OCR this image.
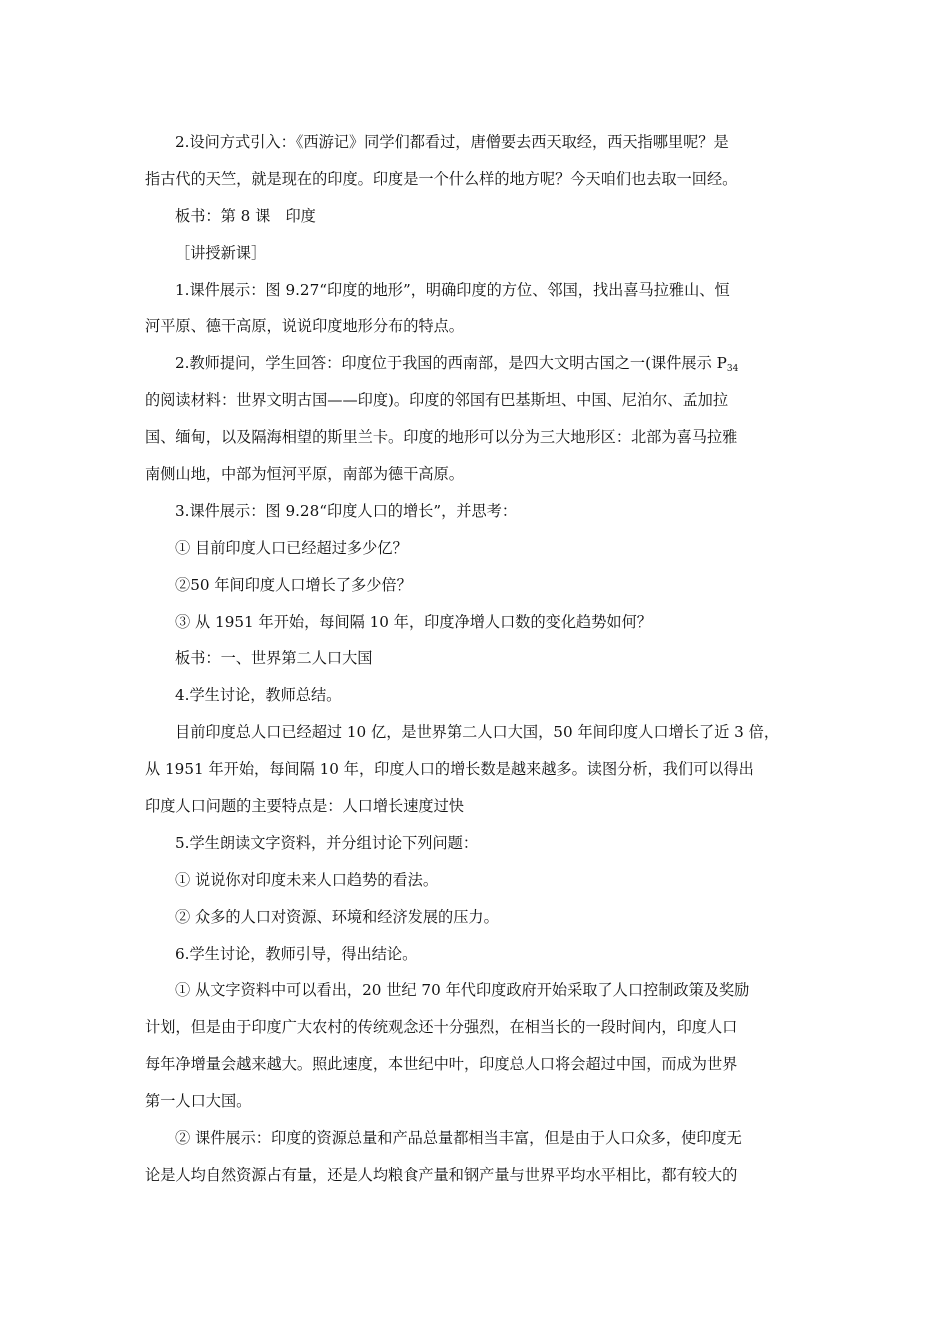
2.设问方式引入：《西游记》同学们都看过，唐僧要去西天取经，西天指哪里呢？是
指古代的天竺，就是现在的印度。印度是一个什么样的地方呢？今天咱们也去取一回经。
板书：第 8 课　印度
［讲授新课］
1.课件展示：图 9.27“印度的地形”，明确印度的方位、邻国，找出喜马拉雅山、恒
河平原、德干高原，说说印度地形分布的特点。
2.教师提问，学生回答：印度位于我国的西南部，是四大文明古国之一(课件展示 $P_{34}$
的阅读材料：世界文明古国——印度)。印度的邻国有巴基斯坦、中国、尼泊尔、孟加拉
国、缅甸，以及隔海相望的斯里兰卡。印度的地形可以分为三大地形区：北部为喜马拉雅
南侧山地，中部为恒河平原，南部为德干高原。
3.课件展示：图 9.28“印度人口的增长”，并思考：
① 目前印度人口已经超过多少亿？
②50 年间印度人口增长了多少倍？
③ 从 1951 年开始，每间隔 10 年，印度净增人口数的变化趋势如何？
板书：一、世界第二人口大国
4.学生讨论，教师总结。
目前印度总人口已经超过 10 亿，是世界第二人口大国，50 年间印度人口增长了近 3 倍，
从 1951 年开始，每间隔 10 年，印度人口的增长数是越来越多。读图分析，我们可以得出
印度人口问题的主要特点是：人口增长速度过快
5.学生朗读文字资料，并分组讨论下列问题：
① 说说你对印度未来人口趋势的看法。
② 众多的人口对资源、环境和经济发展的压力。
6.学生讨论，教师引导，得出结论。
① 从文字资料中可以看出，20 世纪 70 年代印度政府开始采取了人口控制政策及奖励
计划，但是由于印度广大农村的传统观念还十分强烈，在相当长的一段时间内，印度人口
每年净增量会越来越大。照此速度，本世纪中叶，印度总人口将会超过中国，而成为世界
第一人口大国。
② 课件展示：印度的资源总量和产品总量都相当丰富，但是由于人口众多，使印度无
论是人均自然资源占有量，还是人均粮食产量和钢产量与世界平均水平相比，都有较大的
